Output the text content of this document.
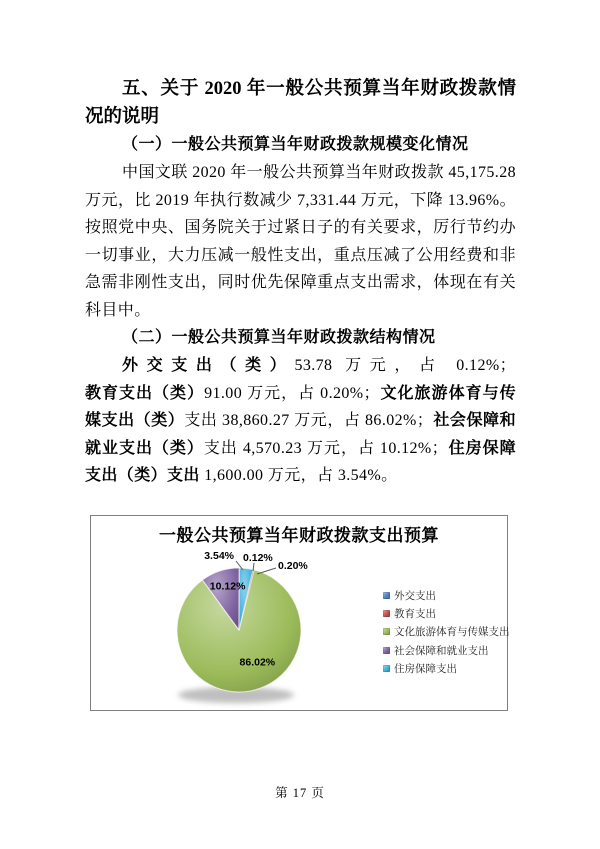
五、关于 2020 年一般公共预算当年财政拨款情况的说明

（一）一般公共预算当年财政拨款规模变化情况

中国文联 2020 年一般公共预算当年财政拨款 45,175.28 万元，比 2019 年执行数减少 7,331.44 万元，下降 13.96%。按照党中央、国务院关于过紧日子的有关要求，厉行节约办一切事业，大力压减一般性支出，重点压减了公用经费和非急需非刚性支出，同时优先保障重点支出需求，体现在有关科目中。

（二）一般公共预算当年财政拨款结构情况

外交支出（类）53.78 万元，占 0.12%；教育支出（类）91.00 万元，占 0.20%；文化旅游体育与传媒支出（类）支出 38,860.27 万元，占 86.02%；社会保障和就业支出（类）支出 4,570.23 万元，占 10.12%；住房保障支出（类）支出 1,600.00 万元，占 3.54%。

0.12%
0.20%
86.02%
10.12%
3.54%
一般公共预算当年财政拨款支出预算
外交支出
教育支出
文化旅游体育与传媒支出
社会保障和就业支出
住房保障支出
第 17 页
